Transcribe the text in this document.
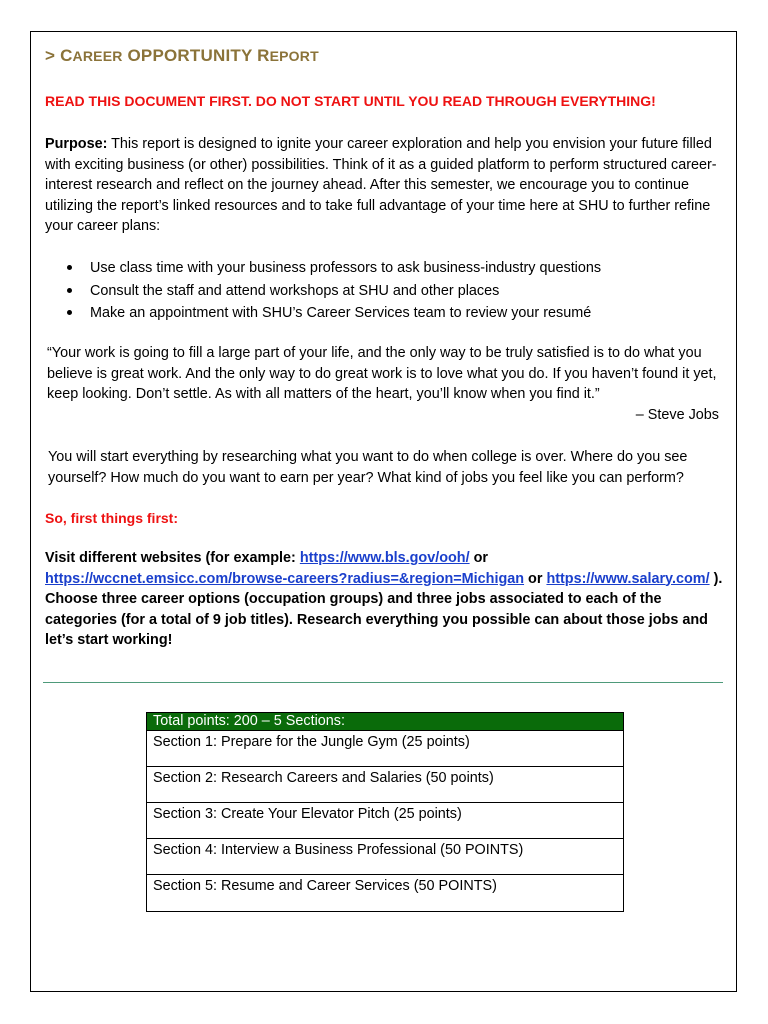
> CAREER OPPORTUNITY REPORT
READ THIS DOCUMENT FIRST. DO NOT START UNTIL YOU READ THROUGH EVERYTHING!
Purpose: This report is designed to ignite your career exploration and help you envision your future filled with exciting business (or other) possibilities. Think of it as a guided platform to perform structured career-interest research and reflect on the journey ahead. After this semester, we encourage you to continue utilizing the report’s linked resources and to take full advantage of your time here at SHU to further refine your career plans:
Use class time with your business professors to ask business-industry questions
Consult the staff and attend workshops at SHU and other places
Make an appointment with SHU’s Career Services team to review your resumé
“Your work is going to fill a large part of your life, and the only way to be truly satisfied is to do what you believe is great work. And the only way to do great work is to love what you do. If you haven’t found it yet, keep looking. Don’t settle. As with all matters of the heart, you’ll know when you find it.”
– Steve Jobs
You will start everything by researching what you want to do when college is over. Where do you see yourself? How much do you want to earn per year? What kind of jobs you feel like you can perform?
So, first things first:
Visit different websites (for example: https://www.bls.gov/ooh/ or https://wccnet.emsicc.com/browse-careers?radius=&region=Michigan or https://www.salary.com/ ). Choose three career options (occupation groups) and three jobs associated to each of the categories (for a total of 9 job titles). Research everything you possible can about those jobs and let’s start working!
Total points: 200 – 5 Sections:
Section 1: Prepare for the Jungle Gym (25 points)
Section 2: Research Careers and Salaries (50 points)
Section 3: Create Your Elevator Pitch (25 points)
Section 4: Interview a Business Professional (50 POINTS)
Section 5: Resume and Career Services (50 POINTS)
